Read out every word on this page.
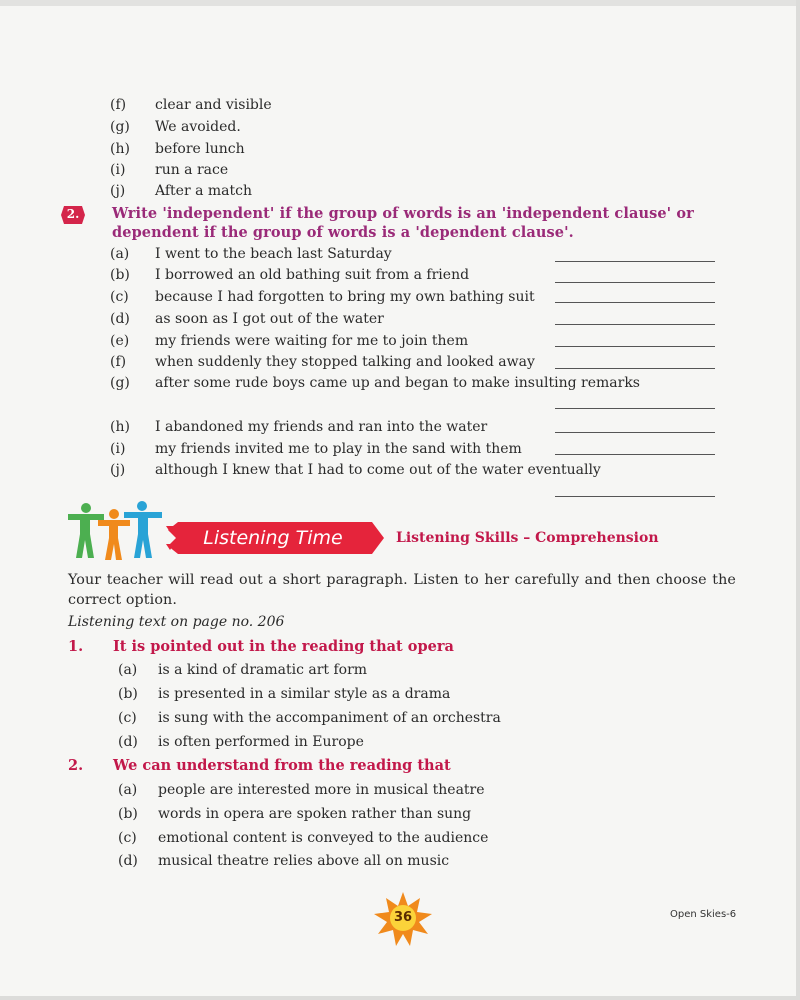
(f)	clear and visible
(g)	We avoided.
(h)	before lunch
(i)	run a race
(j)	After a match
2.	Write 'independent' if the group of words is an 'independent clause' or
dependent if the group of words is a 'dependent clause'.
(a)	I went to the beach last Saturday
(b)	I borrowed an old bathing suit from a friend
(c)	because I had forgotten to bring my own bathing suit
(d)	as soon as I got out of the water
(e)	my friends were waiting for me to join them
(f)	when suddenly they stopped talking and looked away
(g)	after some rude boys came up and began to make insulting remarks
(h)	I abandoned my friends and ran into the water
(i)	my friends invited me to play in the sand with them
(j)	although I knew that I had to come out of the water eventually
Listening Time	Listening Skills – Comprehension
Your teacher will read out a short paragraph. Listen to her carefully and then choose the correct option.
Listening text on page no. 206
1. It is pointed out in the reading that opera
(a)	is a kind of dramatic art form
(b)	is presented in a similar style as a drama
(c)	is sung with the accompaniment of an orchestra
(d)	is often performed in Europe
2. We can understand from the reading that
(a)	people are interested more in musical theatre
(b)	words in opera are spoken rather than sung
(c)	emotional content is conveyed to the audience
(d)	musical theatre relies above all on music
36	Open Skies-6
